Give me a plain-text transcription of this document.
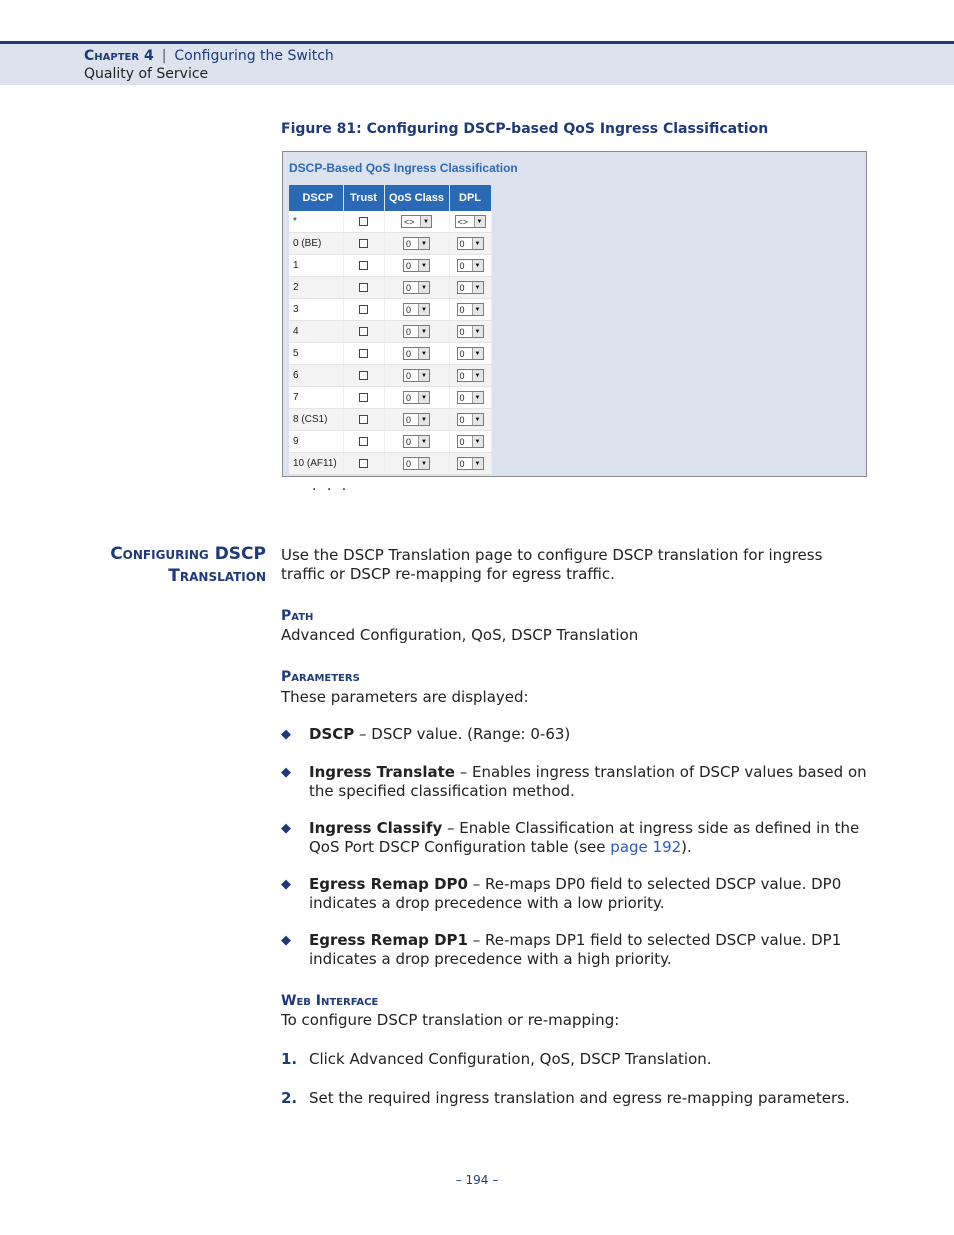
Chapter 4 | Configuring the Switch
Quality of Service
Figure 81: Configuring DSCP-based QoS Ingress Classification
DSCP-Based QoS Ingress Classification
DSCP	Trust	QoS Class	DPL
*		<> ▼	<> ▼

0 (BE)		0 ▼	0 ▼

1		0 ▼	0 ▼

2		0 ▼	0 ▼

3		0 ▼	0 ▼

4		0 ▼	0 ▼

5		0 ▼	0 ▼

6		0 ▼	0 ▼

7		0 ▼	0 ▼

8 (CS1)		0 ▼	0 ▼

9		0 ▼	0 ▼

10 (AF11)		0 ▼	0 ▼
. . .
Configuring DSCP
Translation
Use the DSCP Translation page to configure DSCP translation for ingress traffic or DSCP re-mapping for egress traffic.
Path
Advanced Configuration, QoS, DSCP Translation
Parameters
These parameters are displayed:
◆ DSCP – DSCP value. (Range: 0-63)
◆ Ingress Translate – Enables ingress translation of DSCP values based on the specified classification method.
◆ Ingress Classify – Enable Classification at ingress side as defined in the QoS Port DSCP Configuration table (see page 192).
◆ Egress Remap DP0 – Re-maps DP0 field to selected DSCP value. DP0 indicates a drop precedence with a low priority.
◆ Egress Remap DP1 – Re-maps DP1 field to selected DSCP value. DP1 indicates a drop precedence with a high priority.
Web Interface
To configure DSCP translation or re-mapping:
1. Click Advanced Configuration, QoS, DSCP Translation.
2. Set the required ingress translation and egress re-mapping parameters.
– 194 –
